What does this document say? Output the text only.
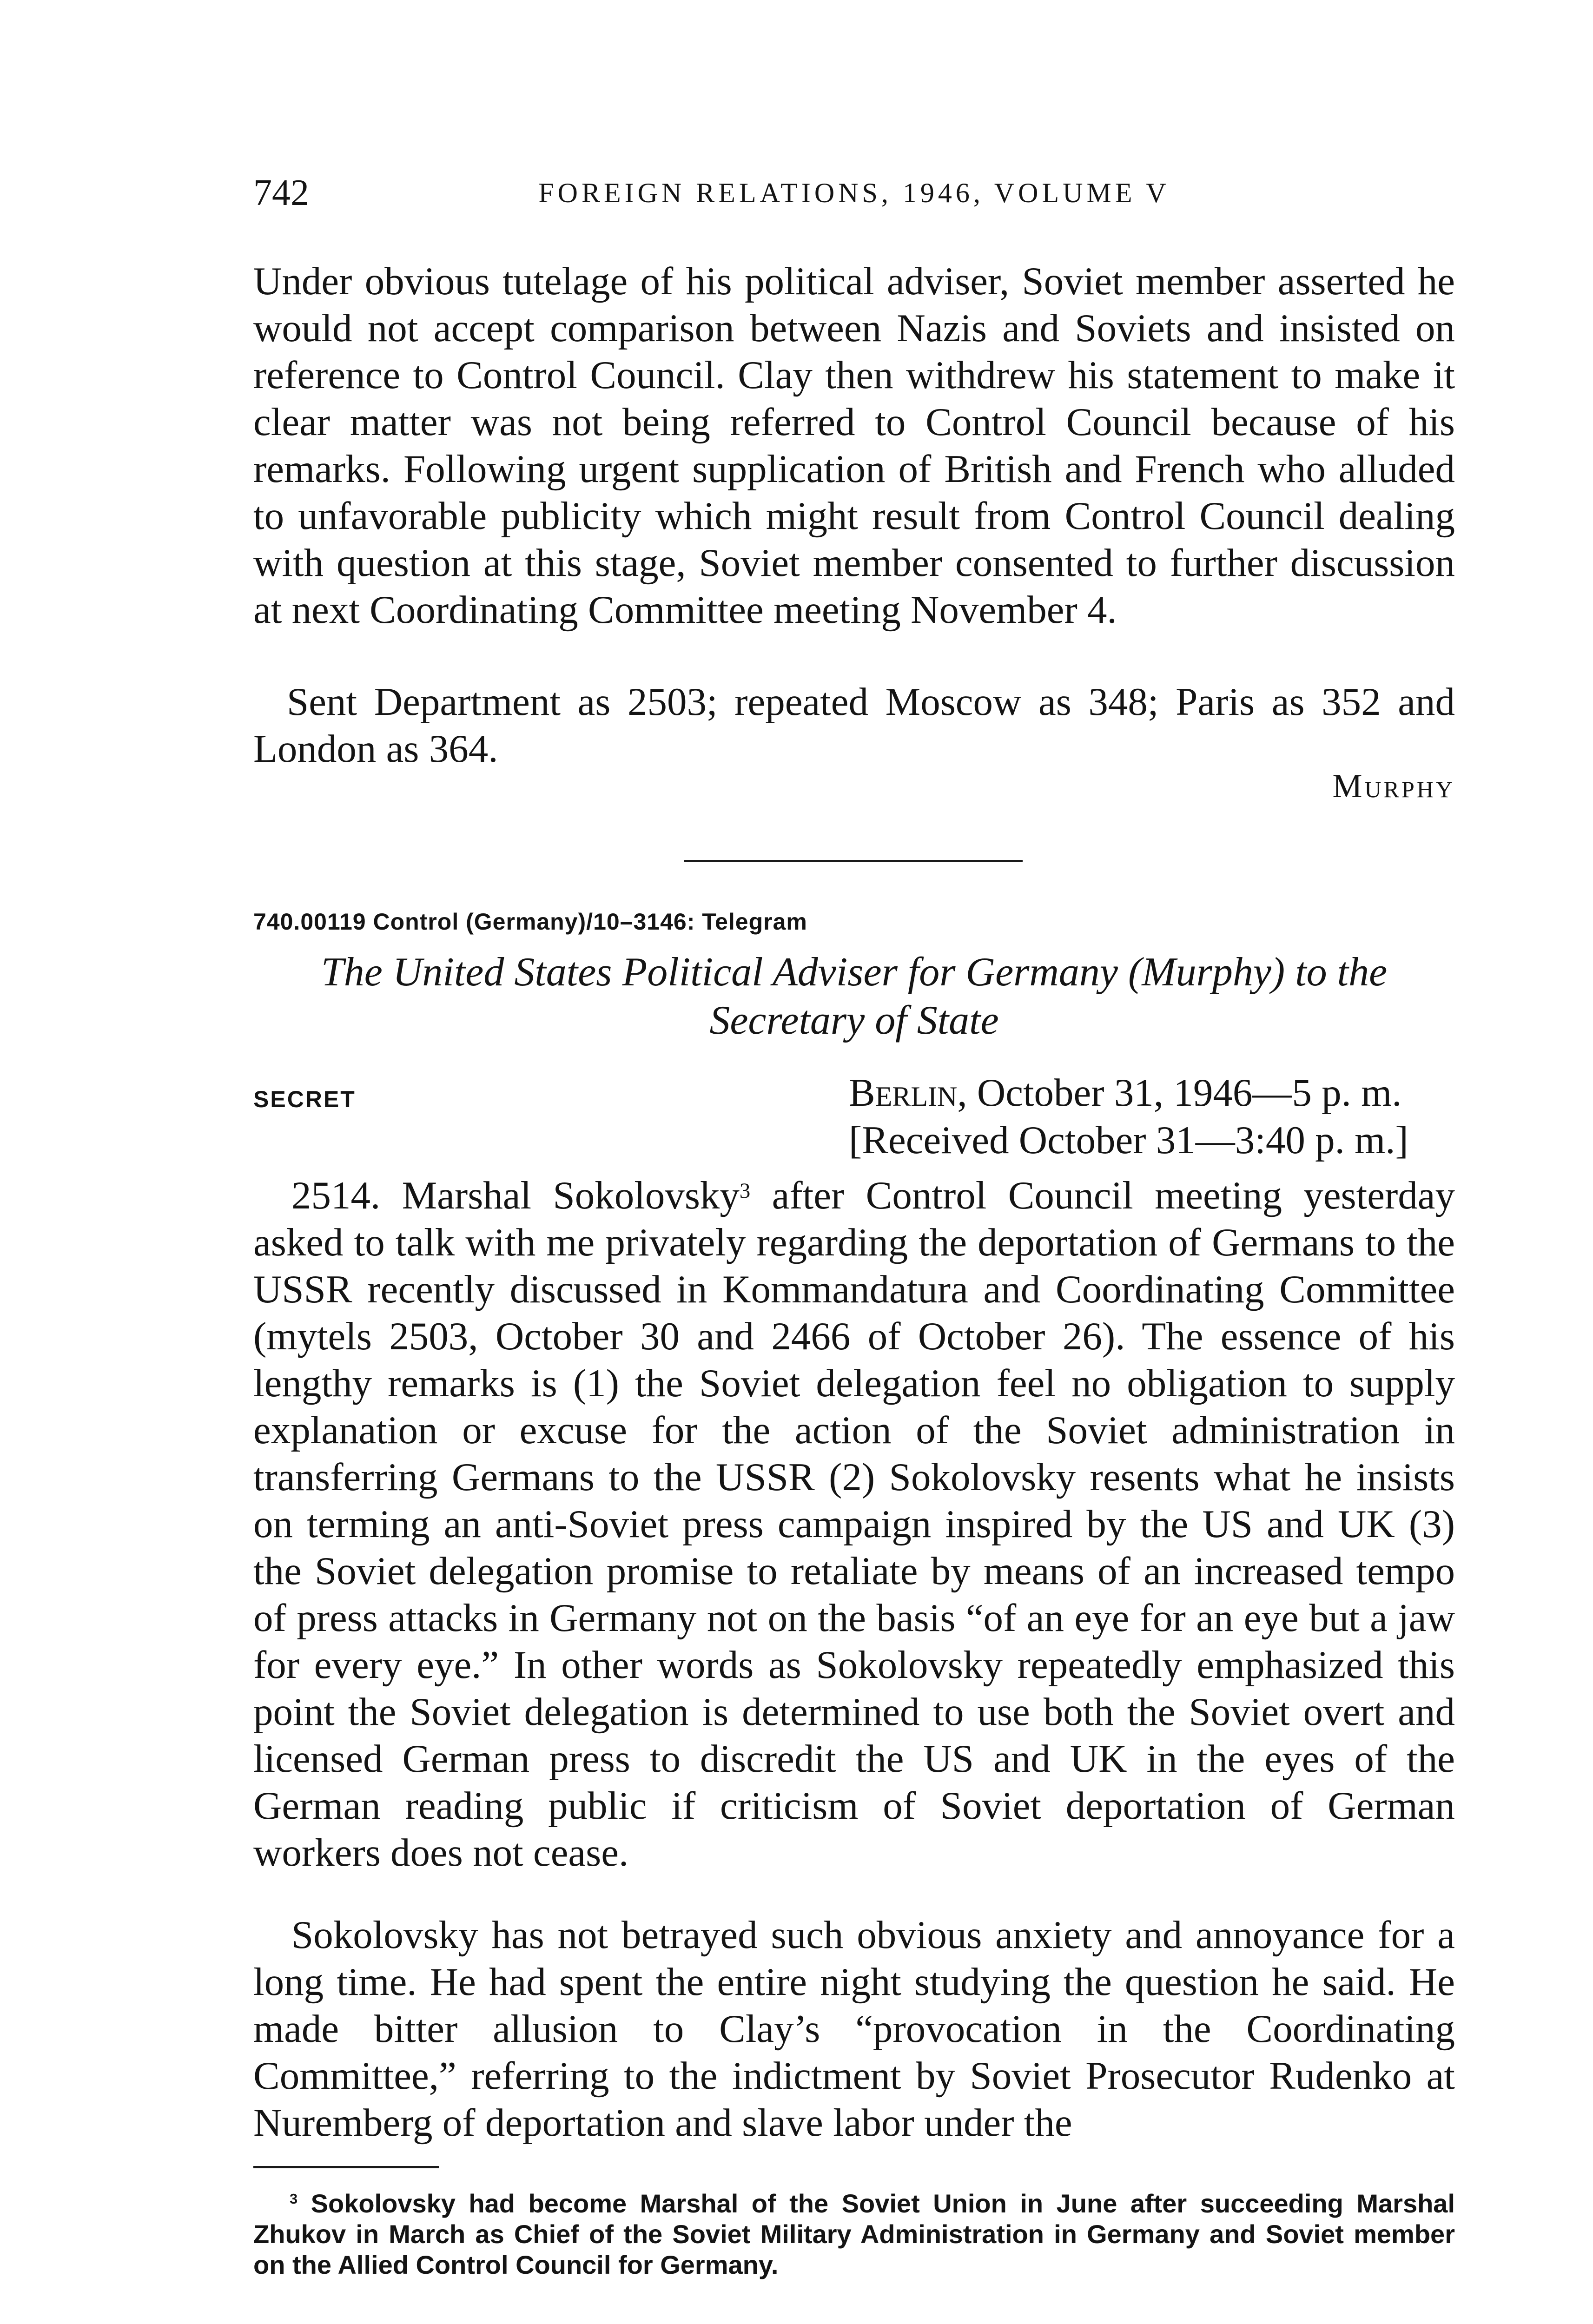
742	FOREIGN RELATIONS, 1946, VOLUME V

Under obvious tutelage of his political adviser, Soviet member asserted he would not accept comparison between Nazis and Soviets and insisted on reference to Control Council. Clay then withdrew his statement to make it clear matter was not being referred to Control Council because of his remarks. Following urgent supplication of British and French who alluded to unfavorable publicity which might result from Control Council dealing with question at this stage, Soviet member consented to further discussion at next Coordinating Committee meeting November 4.

Sent Department as 2503; repeated Moscow as 348; Paris as 352 and London as 364.

Murphy
740.00119 Control (Germany)/10–3146: Telegram

The United States Political Adviser for Germany (Murphy) to the Secretary of State

SECRET	Berlin, October 31, 1946—5 p. m.
[Received October 31—3:40 p. m.]

2514. Marshal Sokolovsky$^3$ after Control Council meeting yesterday asked to talk with me privately regarding the deportation of Germans to the USSR recently discussed in Kommandatura and Coordinating Committee (mytels 2503, October 30 and 2466 of October 26). The essence of his lengthy remarks is (1) the Soviet delegation feel no obligation to supply explanation or excuse for the action of the Soviet administration in transferring Germans to the USSR (2) Sokolovsky resents what he insists on terming an anti-Soviet press campaign inspired by the US and UK (3) the Soviet delegation promise to retaliate by means of an increased tempo of press attacks in Germany not on the basis “of an eye for an eye but a jaw for every eye.” In other words as Sokolovsky repeatedly emphasized this point the Soviet delegation is determined to use both the Soviet overt and licensed German press to discredit the US and UK in the eyes of the German reading public if criticism of Soviet deportation of German workers does not cease.

Sokolovsky has not betrayed such obvious anxiety and annoyance for a long time. He had spent the entire night studying the question he said. He made bitter allusion to Clay’s “provocation in the Coordinating Committee,” referring to the indictment by Soviet Prosecutor Rudenko at Nuremberg of deportation and slave labor under the

$^3$ Sokolovsky had become Marshal of the Soviet Union in June after succeeding Marshal Zhukov in March as Chief of the Soviet Military Administration in Germany and Soviet member on the Allied Control Council for Germany.
